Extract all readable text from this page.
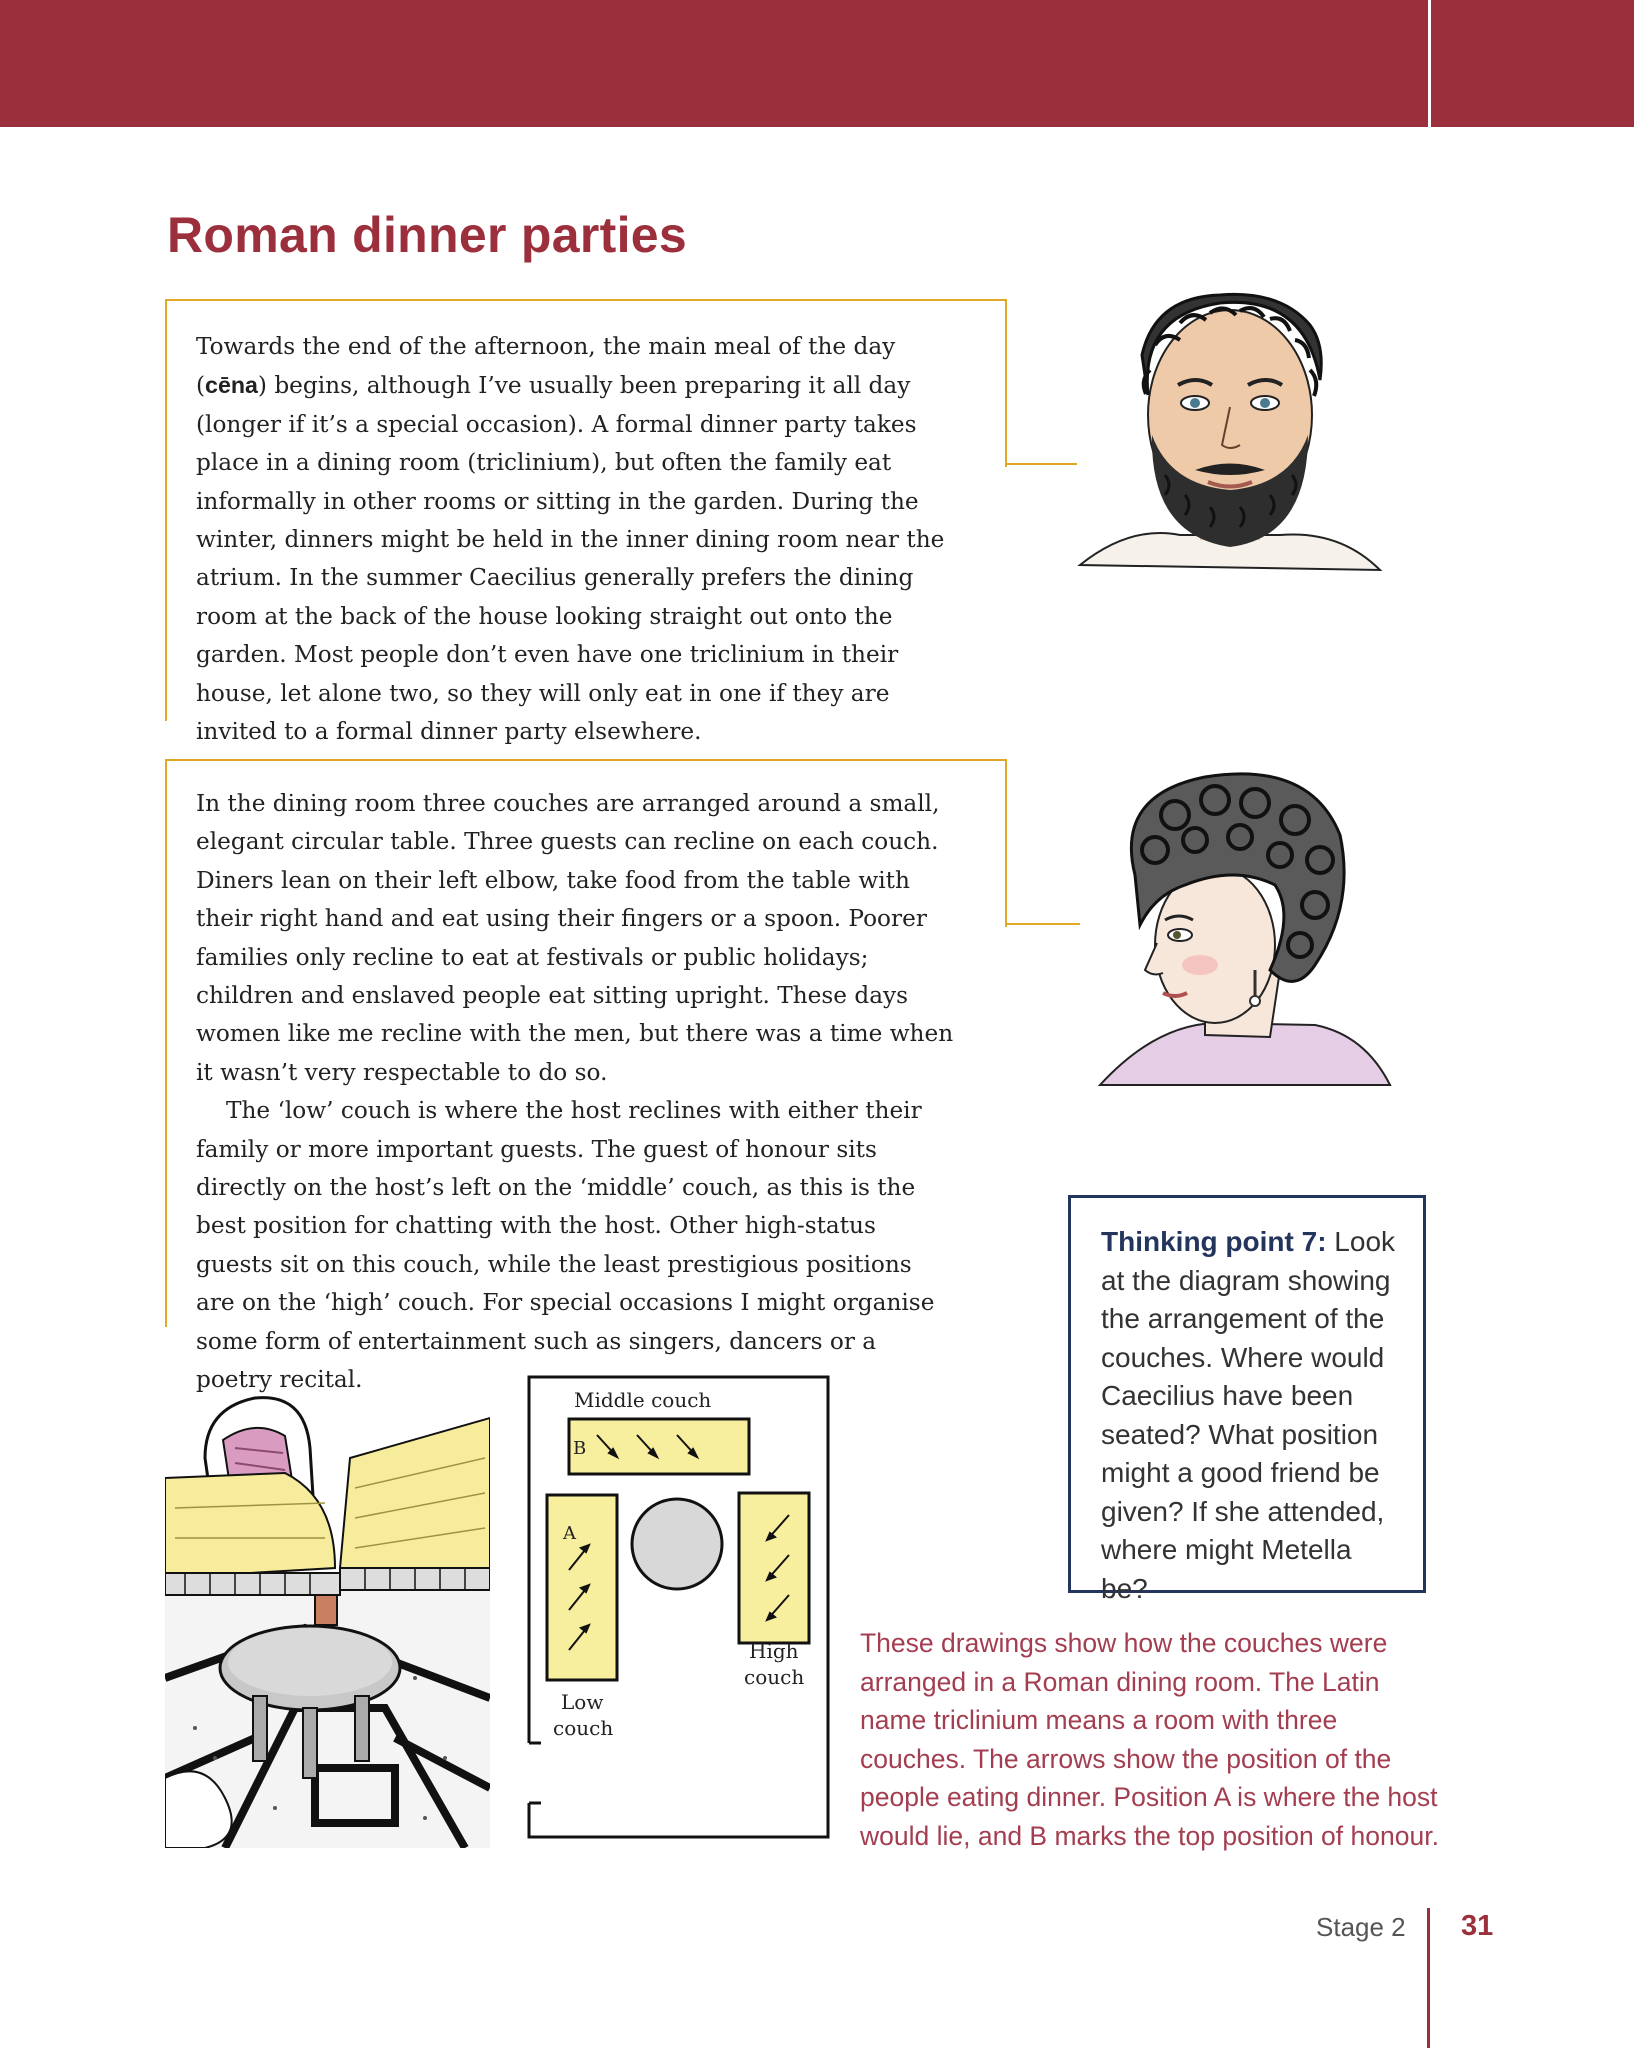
Roman dinner parties

Towards the end of the afternoon, the main meal of the day (cēna) begins, although I’ve usually been preparing it all day (longer if it’s a special occasion). A formal dinner party takes place in a dining room (triclinium), but often the family eat informally in other rooms or sitting in the garden. During the winter, dinners might be held in the inner dining room near the atrium. In the summer Caecilius generally prefers the dining room at the back of the house looking straight out onto the garden. Most people don’t even have one triclinium in their house, let alone two, so they will only eat in one if they are invited to a formal dinner party elsewhere.

In the dining room three couches are arranged around a small, elegant circular table. Three guests can recline on each couch. Diners lean on their left elbow, take food from the table with their right hand and eat using their fingers or a spoon. Poorer families only recline to eat at festivals or public holidays; children and enslaved people eat sitting upright. These days women like me recline with the men, but there was a time when it wasn’t very respectable to do so.

The ‘low’ couch is where the host reclines with either their family or more important guests. The guest of honour sits directly on the host’s left on the ‘middle’ couch, as this is the best position for chatting with the host. Other high-status guests sit on this couch, while the least prestigious positions are on the ‘high’ couch. For special occasions I might organise some form of entertainment such as singers, dancers or a poetry recital.

Thinking point 7: Look at the diagram showing the arrangement of the couches. Where would Caecilius have been seated? What position might a good friend be given? If she attended, where might Metella be?
Middle couch
B
A
High
couch
Low
couch
These drawings show how the couches were arranged in a Roman dining room. The Latin name triclinium means a room with three couches. The arrows show the position of the people eating dinner. Position A is where the host would lie, and B marks the top position of honour.
Stage 2 31
